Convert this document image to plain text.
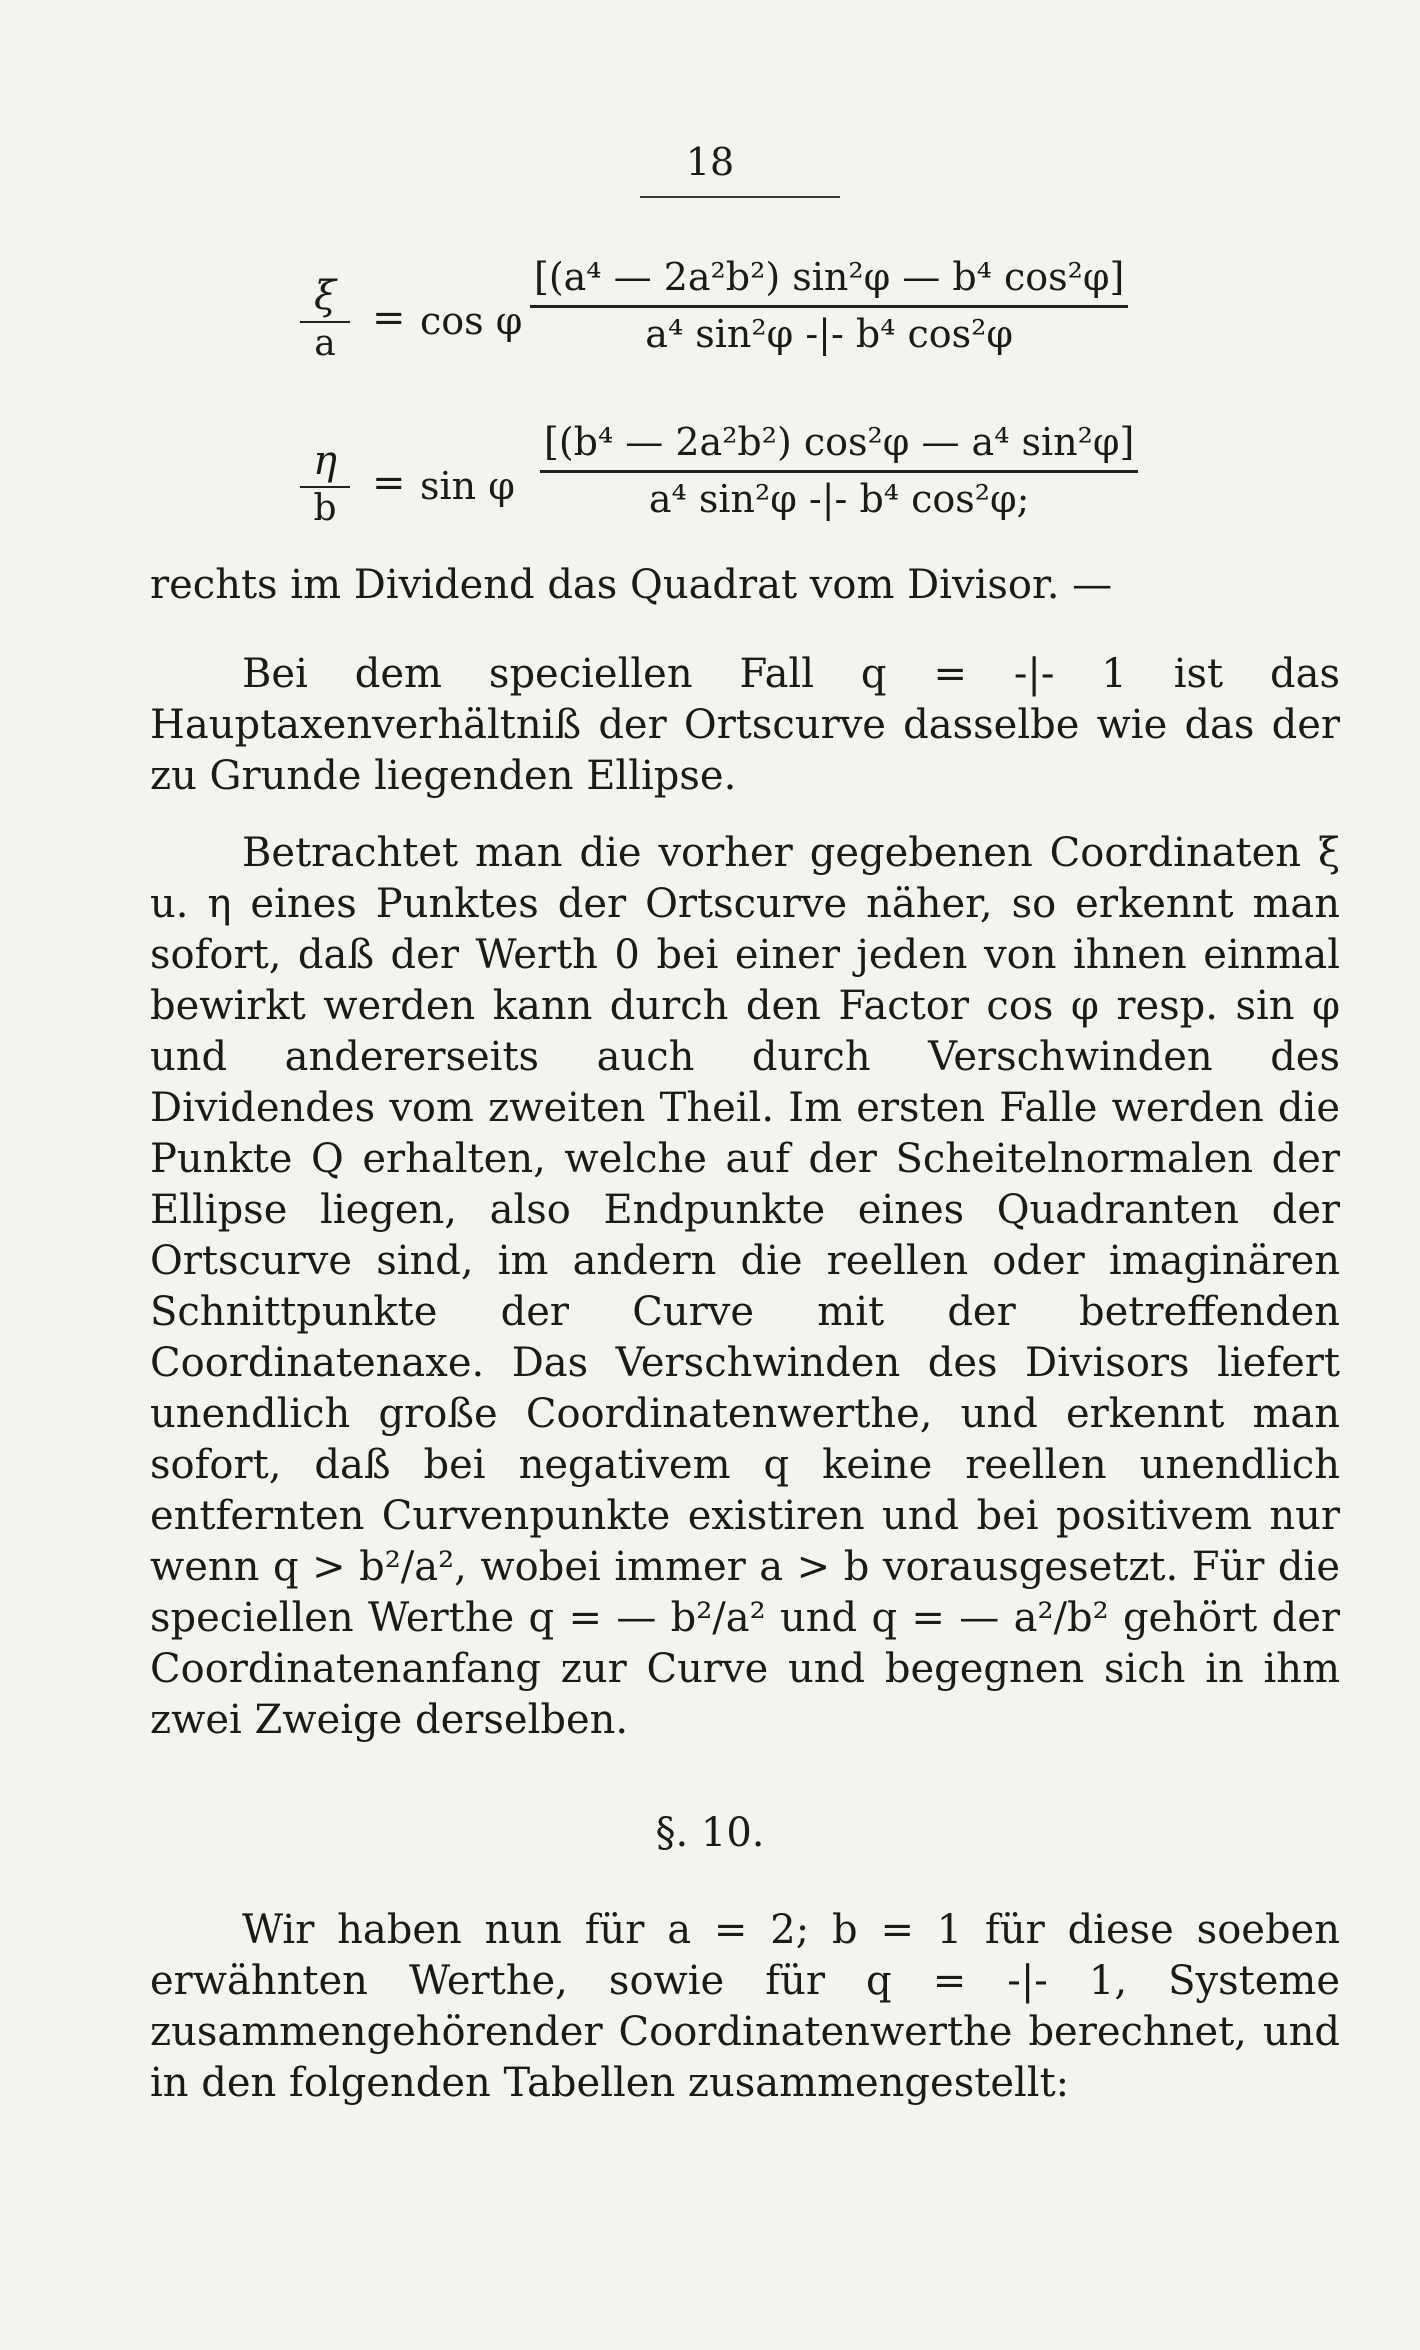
18
$\frac{\xi}{a} = \cos \varphi \frac{\text{[(a⁴ — 2a²b²) sin²φ — b⁴ cos²φ]}}{\text{a⁴ sin²φ -|- b⁴ cos²φ}}$
$\frac{\eta}{b} = \sin \varphi \frac{\text{[(b⁴ — 2a²b²) cos²φ — a⁴ sin²φ]}}{\text{a⁴ sin²φ -|- b⁴ cos²φ;}}$

rechts im Dividend das Quadrat vom Divisor. —

Bei dem speciellen Fall q = -|- 1 ist das Hauptaxenverhältniß der Ortscurve dasselbe wie das der zu Grunde liegenden Ellipse.

Betrachtet man die vorher gegebenen Coordinaten ξ u. η eines Punktes der Ortscurve näher, so erkennt man sofort, daß der Werth 0 bei einer jeden von ihnen einmal bewirkt werden kann durch den Factor cos φ resp. sin φ und andererseits auch durch Verschwinden des Dividendes vom zweiten Theil. Im ersten Falle werden die Punkte Q erhalten, welche auf der Scheitelnormalen der Ellipse liegen, also Endpunkte eines Quadranten der Ortscurve sind, im andern die reellen oder imaginären Schnittpunkte der Curve mit der betreffenden Coordinatenaxe. Das Verschwinden des Divisors liefert unendlich große Coordinatenwerthe, und erkennt man sofort, daß bei negativem q keine reellen unendlich entfernten Curvenpunkte existiren und bei positivem nur wenn q > b²/a², wobei immer a > b vorausgesetzt. Für die speciellen Werthe q = — b²/a² und q = — a²/b² gehört der Coordinatenanfang zur Curve und begegnen sich in ihm zwei Zweige derselben.

§. 10.

Wir haben nun für a = 2; b = 1 für diese soeben erwähnten Werthe, sowie für q = -|- 1, Systeme zusammengehörender Coordinatenwerthe berechnet, und in den folgenden Tabellen zusammengestellt:
